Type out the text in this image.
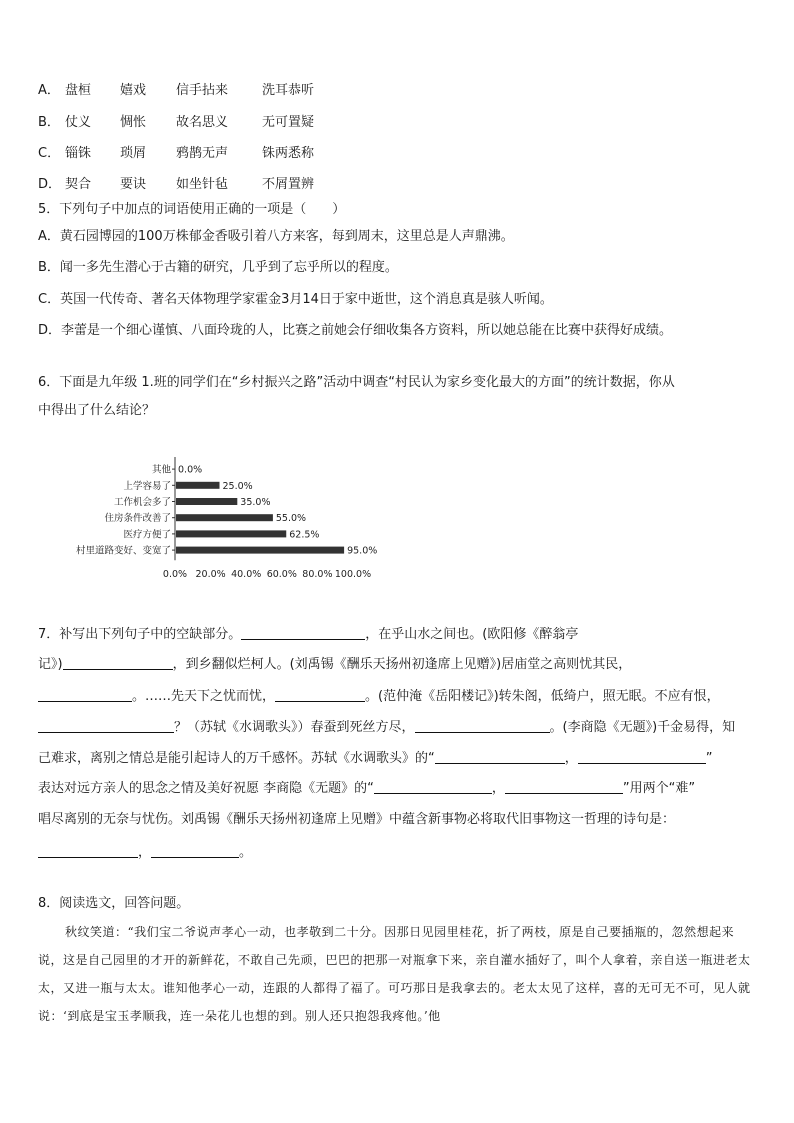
A． 盘桓 嬉戏 信手拈来	洗耳恭听
B． 仗义 惆怅 故名思义	无可置疑
C． 锱铢 琐屑 鸦鹊无声	铢两悉称
D． 契合 要诀 如坐针毡	不屑置辨
5．下列句子中加点的词语使用正确的一项是（　　）
A．黄石园博园的100万株郁金香吸引着八方来客，每到周末，这里总是人声鼎沸。
B．闻一多先生潜心于古籍的研究，几乎到了忘乎所以的程度。
C．英国一代传奇、著名天体物理学家霍金3月14日于家中逝世，这个消息真是骇人听闻。
D．李蕾是一个细心谨慎、八面玲珑的人，比赛之前她会仔细收集各方资料，所以她总能在比赛中获得好成绩。
6．下面是九年级 1.班的同学们在“乡村振兴之路”活动中调查“村民认为家乡变化最大的方面”的统计数据，你从
中得出了什么结论？
其他 0.0%
上学容易了	25.0%
工作机会多了	35.0%
住房条件改善了	55.0%
医疗方便了	62.5%
村里道路变好、变宽了	95.0%
0.0% 20.0% 40.0% 60.0% 80.0% 100.0%
7．补写出下列句子中的空缺部分。	，在乎山水之间也。(欧阳修《醉翁亭
记》)	，到乡翻似烂柯人。(刘禹锡《酬乐天扬州初逢席上见赠》)居庙堂之高则忧其民，
。……先天下之忧而忧，	。(范仲淹《岳阳楼记》)转朱阁，低绮户，照无眠。不应有恨，
？（苏轼《水调歌头》）春蚕到死丝方尽，	。(李商隐《无题》)千金易得，知
己难求，离别之情总是能引起诗人的万千感怀。苏轼《水调歌头》的“	，	”
表达对远方亲人的思念之情及美好祝愿 李商隐《无题》的“	，	”用两个“难”
唱尽离别的无奈与忧伤。刘禹锡《酬乐天扬州初逢席上见赠》中蕴含新事物必将取代旧事物这一哲理的诗句是：
，	。
8．阅读选文，回答问题。

秋纹笑道：“我们宝二爷说声孝心一动，也孝敬到二十分。因那日见园里桂花，折了两枝，原是自己要插瓶的，忽然想起来说，这是自己园里的才开的新鲜花，不敢自己先顽，巴巴的把那一对瓶拿下来，亲自灌水插好了，叫个人拿着，亲自送一瓶进老太太，又进一瓶与太太。谁知他孝心一动，连跟的人都得了福了。可巧那日是我拿去的。老太太见了这样，喜的无可无不可，见人就说：‘到底是宝玉孝顺我，连一朵花儿也想的到。别人还只抱怨我疼他。’他
